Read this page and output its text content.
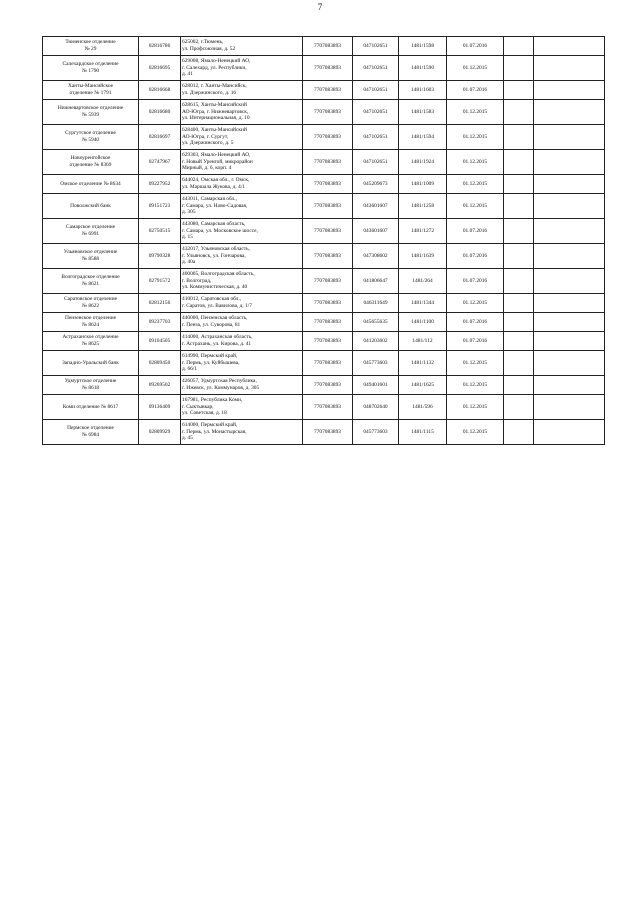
7
Тюменское отделение
№ 29	02816786	625002, г.Тюмень,
ул. Профсоюзная, д. 52	7707083893	047102651	1481/1598	01.07.2016		

Салехардское отделение
№ 1790	02816695	629008, Ямало-Ненецкий АО,
г. Салехард, ул. Республики,
д. 41	7707083893	047102651	1481/1590	01.12.2015		

Ханты-Мансийское
отделение № 1791	02816668	628012, г. Ханты-Мансийск,
ул. Дзержинского, д. 16	7707083893	047102651	1481/1603	01.07.2016		

Нижневартовское отделение
№ 5939	02816680	628615, Ханты-Мансийский
АО-Югра, г. Нижневартовск,
ул. Интернациональная, д. 10	7707083893	047102651	1481/1583	01.12.2015		

Сургутское отделение
№ 5940	02816697	628400, Ханты-Мансийский
АО-Югра, г. Сургут,
ул. Дзержинского, д. 5	7707083893	047102651	1481/1594	01.12.2015		

Новоуренгойское
отделение № 8369	02747967	629303, Ямало-Ненецкий АО,
г. Новый Уренгой, микрорайон
Мирный, д. 6, корп. 4	7707083893	047102651	1481/1924	01.12.2015		

Омское отделение № 8634	09227952	644024, Омская обл., г. Омск,
ул. Маршала Жукова, д. 4/1	7707083893	045209673	1481/1009	01.12.2015		

Поволжский банк	09151723	443011, Самарская обл.,
г. Самара, ул. Ново-Садовая,
д. 305	7707083893	043601607	1481/1258	01.12.2015		

Самарское отделение
№ 6991	02750515	443080, Самарская область,
г. Самара, ул. Московское шоссе,
д. 15	7707083893	043601607	1481/1272	01.07.2016		

Ульяновское отделение
№ 8588	09790328	432017, Ульяновская область,
г. Ульяновск, ул. Гончарова,
д. 40а	7707083893	047308602	1481/1639	01.07.2016		

Волгоградское отделение
№ 8621	02791572	400005, Волгоградская область,
г. Волгоград,
ул. Коммунистическая, д. 40	7707083893	041806647	1481/264	01.07.2016		

Саратовское отделение
№ 8622	02812156	410012, Саратовская обл.,
г. Саратов, ул. Вавилова, д. 1/7	7707083893	046311649	1481/1344	01.12.2015		

Пензенское отделение
№ 8624	09237703	440000, Пензенская область,
г. Пенза, ул. Суворова, 81	7707083893	045655635	1481/1100	01.07.2016		

Астраханское отделение
№ 8625	09104505	414000, Астраханская область,
г. Астрахань, ул. Кирова, д. 41	7707083893	041203602	1481/112	01.07.2016		

Западно-Уральский банк	02809450	614990, Пермский край,
г. Пермь, ул. Куйбышева,
д. 66/1	7707083893	045773603	1481/1132	01.12.2015		

Удмуртское отделение
№ 8618	09269502	426057, Удмуртская Республика,
г. Ижевск, ул. Коммунаров, д. 305	7707083893	049401601	1481/1625	01.12.2015		

Коми отделение № 8617	09136409	167981, Республика Коми,
г. Сыктывкар,
ул. Советская, д. 18	7707083893	048702640	1481/596	01.12.2015		

Пермское отделение
№ 6984	02809929	614000, Пермский край,
г. Пермь, ул. Монастырская,
д. 45	7707083893	045773603	1481/1115	01.12.2015		
